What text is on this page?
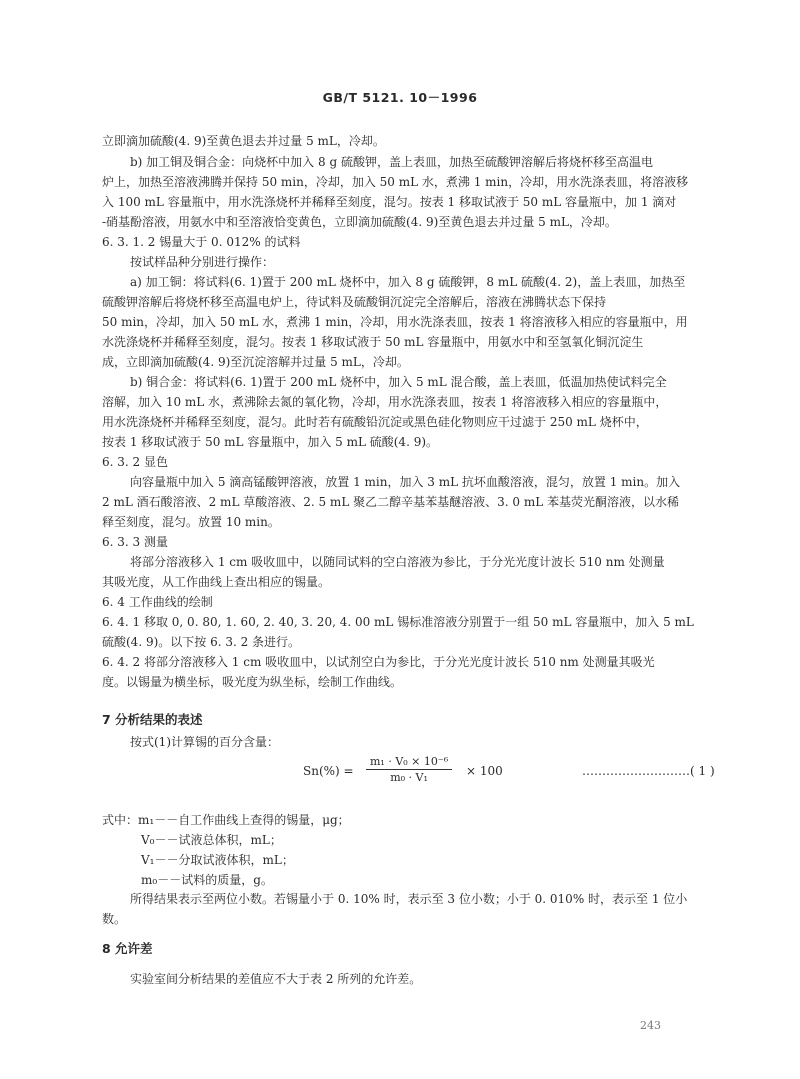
GB/T 5121. 10－1996
立即滴加硫酸(4. 9)至黄色退去并过量 5 mL，冷却。
b) 加工铜及铜合金：向烧杯中加入 8 g 硫酸钾，盖上表皿，加热至硫酸钾溶解后将烧杯移至高温电
炉上，加热至溶液沸腾并保持 50 min，冷却，加入 50 mL 水，煮沸 1 min，冷却，用水洗涤表皿，将溶液移
入 100 mL 容量瓶中，用水洗涤烧杯并稀释至刻度，混匀。按表 1 移取试液于 50 mL 容量瓶中，加 1 滴对
-硝基酚溶液，用氨水中和至溶液恰变黄色，立即滴加硫酸(4. 9)至黄色退去并过量 5 mL，冷却。
6. 3. 1. 2 锡量大于 0. 012% 的试料
按试样品种分别进行操作：
a) 加工铜：将试料(6. 1)置于 200 mL 烧杯中，加入 8 g 硫酸钾，8 mL 硫酸(4. 2)，盖上表皿，加热至
硫酸钾溶解后将烧杯移至高温电炉上，待试料及硫酸铜沉淀完全溶解后，溶液在沸腾状态下保持
50 min，冷却，加入 50 mL 水，煮沸 1 min，冷却，用水洗涤表皿，按表 1 将溶液移入相应的容量瓶中，用
水洗涤烧杯并稀释至刻度，混匀。按表 1 移取试液于 50 mL 容量瓶中，用氨水中和至氢氧化铜沉淀生
成，立即滴加硫酸(4. 9)至沉淀溶解并过量 5 mL，冷却。
b) 铜合金：将试料(6. 1)置于 200 mL 烧杯中，加入 5 mL 混合酸，盖上表皿，低温加热使试料完全
溶解，加入 10 mL 水，煮沸除去氮的氧化物，冷却，用水洗涤表皿，按表 1 将溶液移入相应的容量瓶中，
用水洗涤烧杯并稀释至刻度，混匀。此时若有硫酸铅沉淀或黑色硅化物则应干过滤于 250 mL 烧杯中，
按表 1 移取试液于 50 mL 容量瓶中，加入 5 mL 硫酸(4. 9)。
6. 3. 2 显色
向容量瓶中加入 5 滴高锰酸钾溶液，放置 1 min，加入 3 mL 抗坏血酸溶液，混匀，放置 1 min。加入
2 mL 酒石酸溶液、2 mL 草酸溶液、2. 5 mL 聚乙二醇辛基苯基醚溶液、3. 0 mL 苯基荧光酮溶液，以水稀
释至刻度，混匀。放置 10 min。
6. 3. 3 测量
将部分溶液移入 1 cm 吸收皿中，以随同试料的空白溶液为参比，于分光光度计波长 510 nm 处测量
其吸光度，从工作曲线上查出相应的锡量。
6. 4 工作曲线的绘制
6. 4. 1 移取 0, 0. 80, 1. 60, 2. 40, 3. 20, 4. 00 mL 锡标准溶液分别置于一组 50 mL 容量瓶中，加入 5 mL
硫酸(4. 9)。以下按 6. 3. 2 条进行。
6. 4. 2 将部分溶液移入 1 cm 吸收皿中，以试剂空白为参比，于分光光度计波长 510 nm 处测量其吸光
度。以锡量为横坐标，吸光度为纵坐标，绘制工作曲线。
按式(1)计算锡的百分含量：
式中：m₁－－自工作曲线上查得的锡量，μg；
V₀－－试液总体积，mL；
V₁－－分取试液体积，mL；
m₀－－试料的质量，g。
所得结果表示至两位小数。若锡量小于 0. 10% 时，表示至 3 位小数；小于 0. 010% 时，表示至 1 位小
数。
实验室间分析结果的差值应不大于表 2 所列的允许差。
7 分析结果的表述
8 允许差
$Sn(\%) = \frac{\text{m₁ · V₀ × 10⁻⁶}}{\text{m₀ · V₁}} \times 100$	………………………( 1 )
243
